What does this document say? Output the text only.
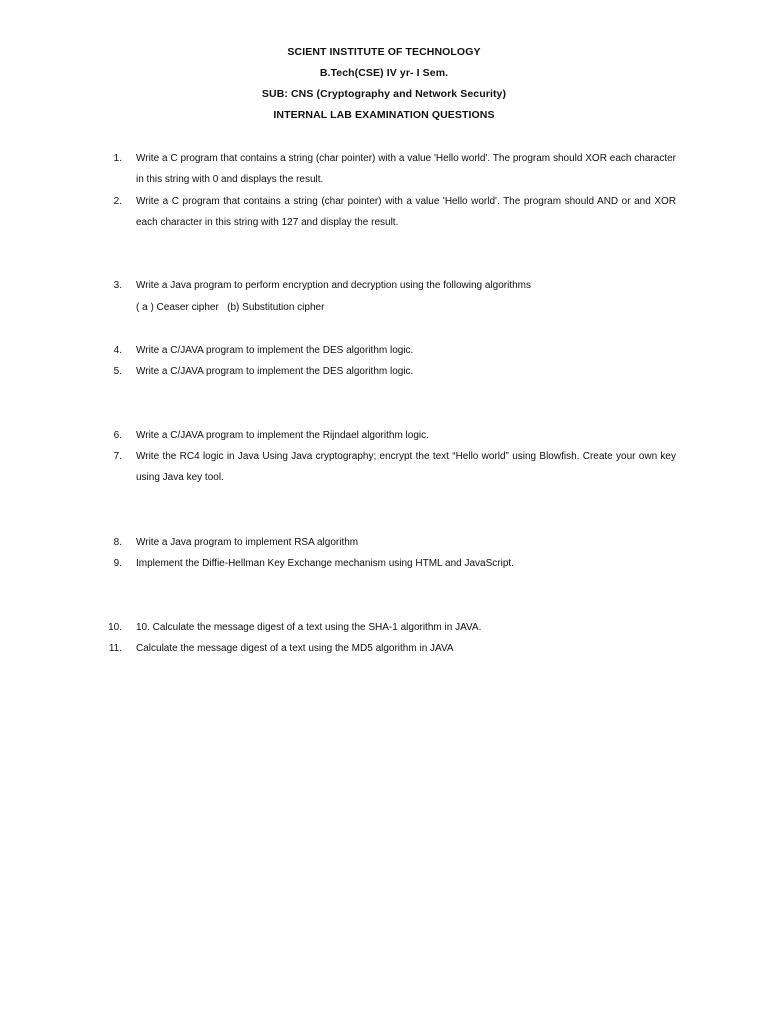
SCIENT INSTITUTE OF TECHNOLOGY
B.Tech(CSE) IV yr- I Sem.
SUB: CNS (Cryptography and Network Security)
INTERNAL LAB EXAMINATION QUESTIONS
1. Write a C program that contains a string (char pointer) with a value 'Hello world'. The program should XOR each character in this string with 0 and displays the result.
2. Write a C program that contains a string (char pointer) with a value 'Hello world'. The program should AND or and XOR each character in this string with 127 and display the result.
3. Write a Java program to perform encryption and decryption using the following algorithms
( a ) Ceaser cipher   (b) Substitution cipher
4. Write a C/JAVA program to implement the DES algorithm logic.
5. Write a C/JAVA program to implement the DES algorithm logic.
6. Write a C/JAVA program to implement the Rijndael algorithm logic.
7. Write the RC4 logic in Java Using Java cryptography; encrypt the text “Hello world” using Blowfish. Create your own key using Java key tool.
8. Write a Java program to implement RSA algorithm
9. Implement the Diffie-Hellman Key Exchange mechanism using HTML and JavaScript.
10. 10. Calculate the message digest of a text using the SHA-1 algorithm in JAVA.
11. Calculate the message digest of a text using the MD5 algorithm in JAVA
